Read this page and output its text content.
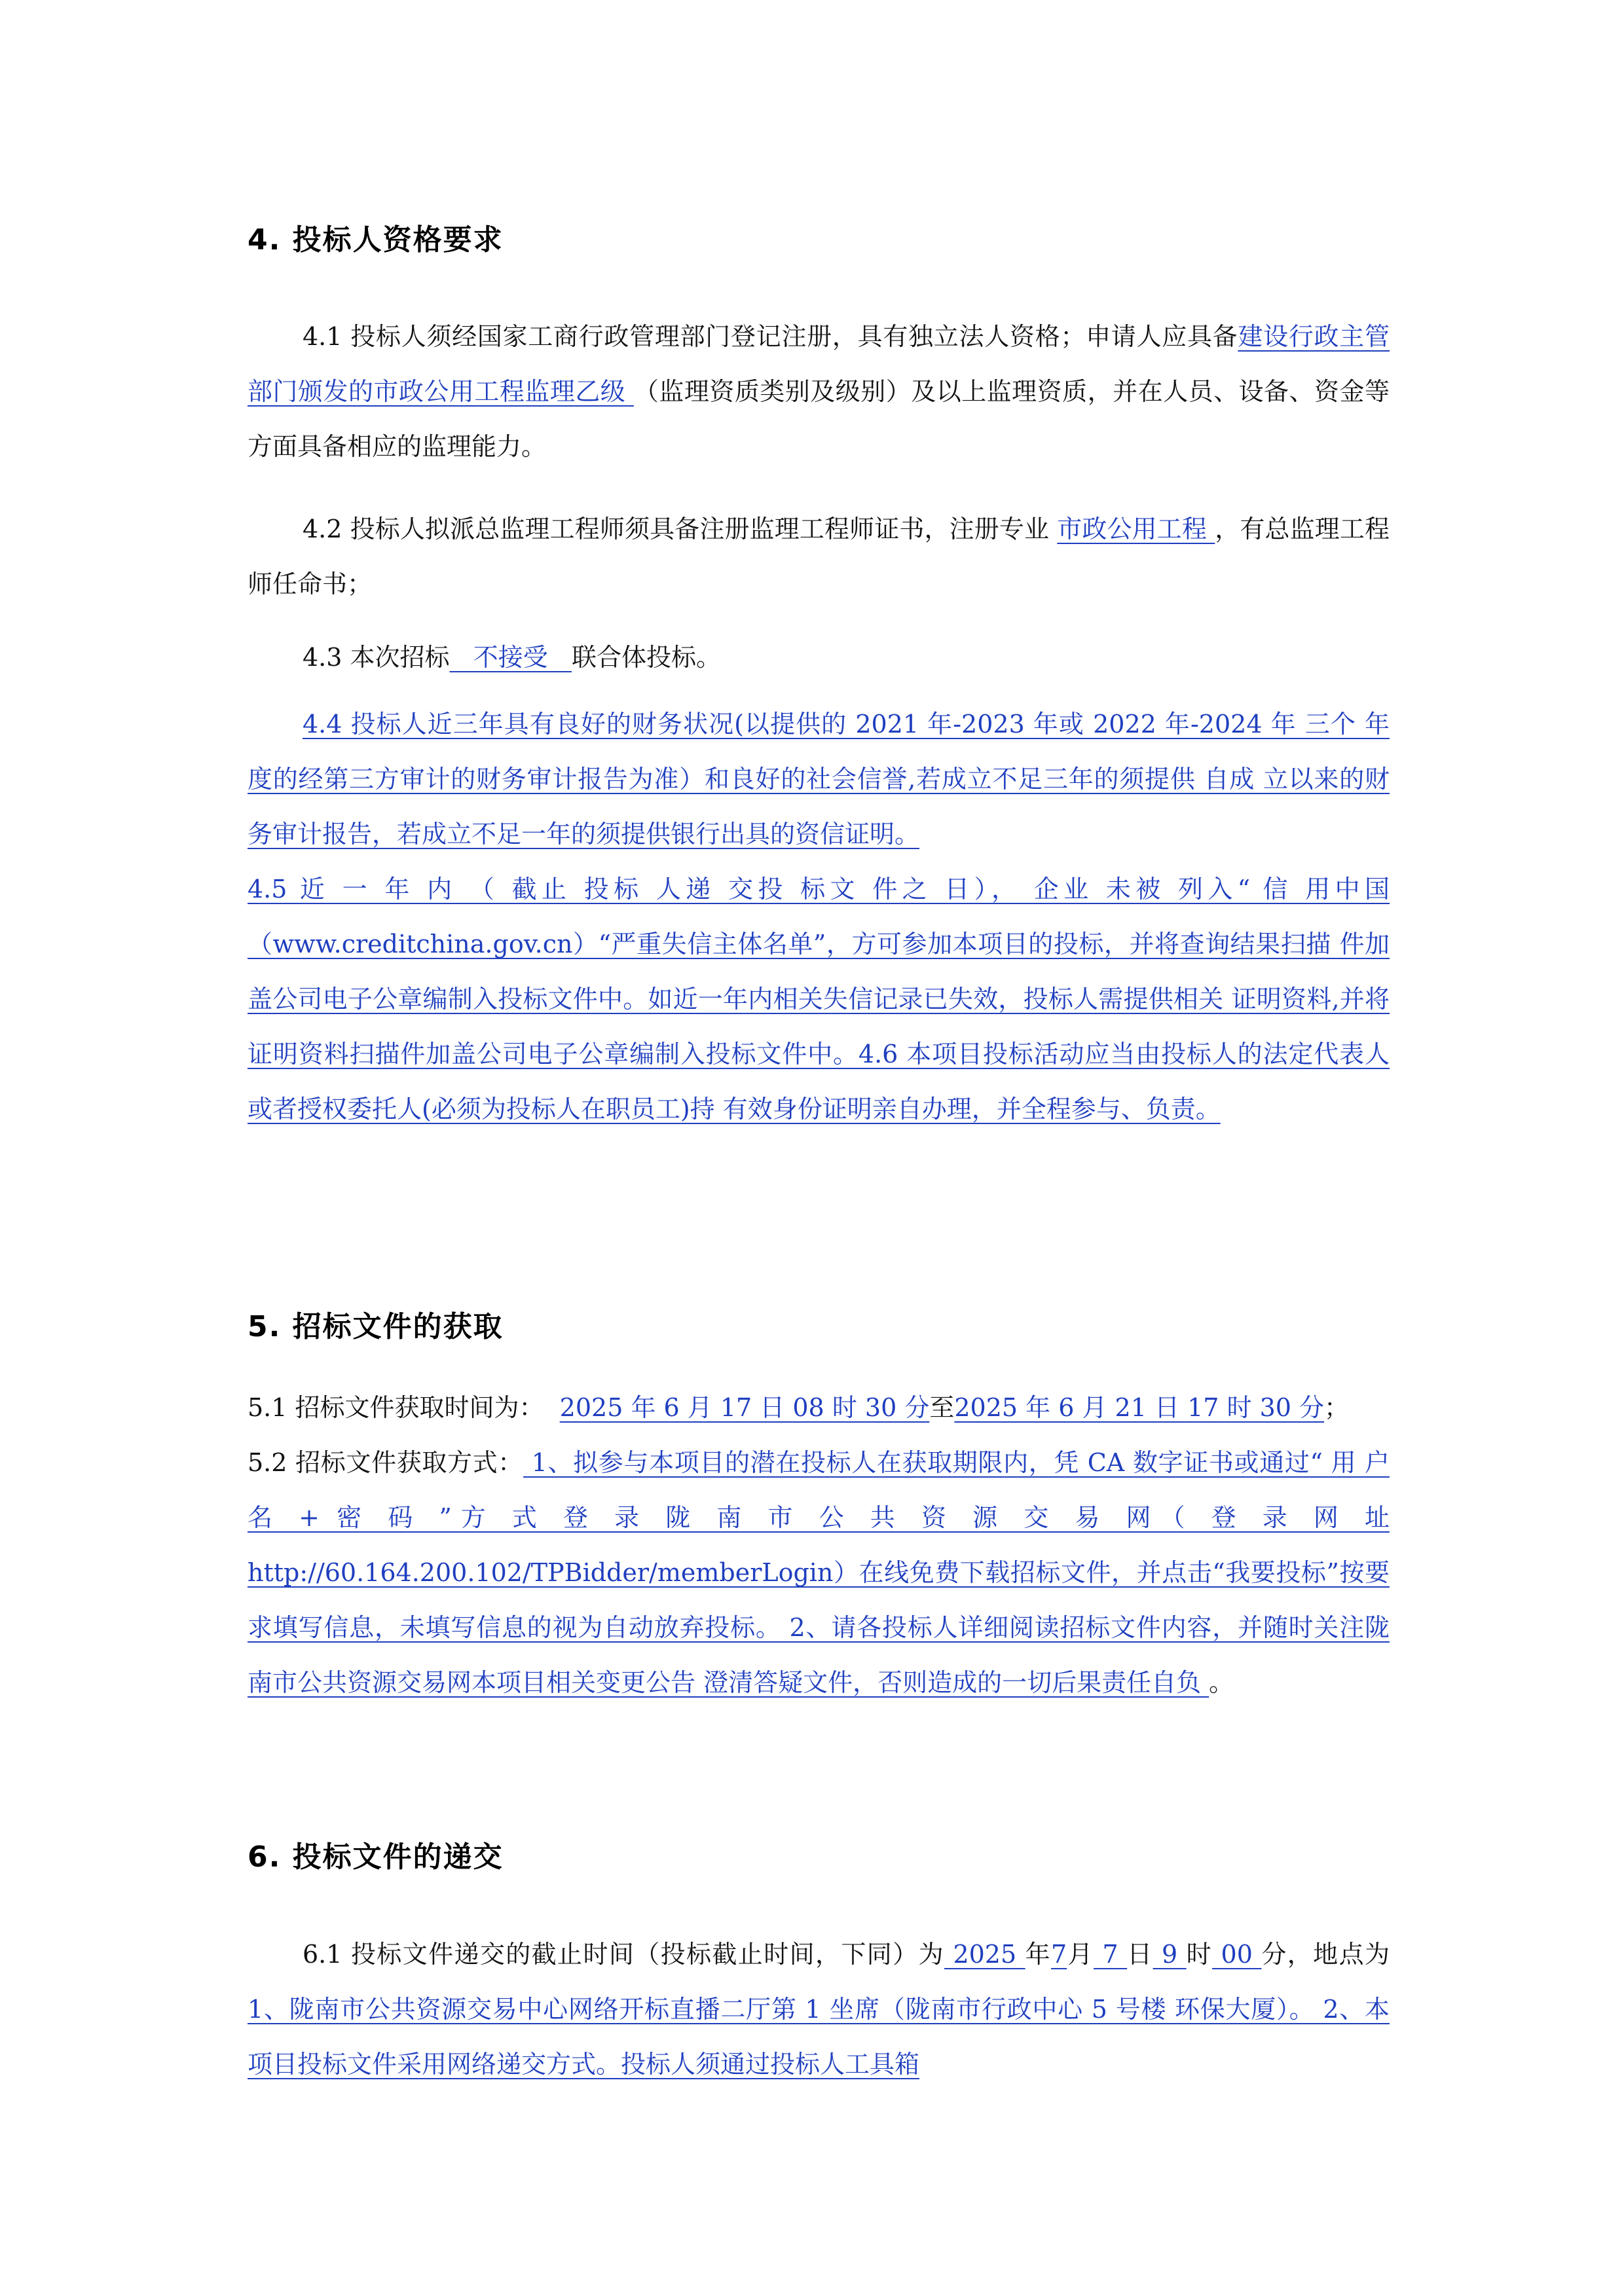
4. 投标人资格要求
4.1 投标人须经国家工商行政管理部门登记注册，具有独立法人资格；申请人应具备建设行政主管部门颁发的市政公用工程监理乙级 （监理资质类别及级别）及以上监理资质，并在人员、设备、资金等方面具备相应的监理能力。
4.2 投标人拟派总监理工程师须具备注册监理工程师证书，注册专业 市政公用工程 ，有总监理工程师任命书；
4.3 本次招标   不接受   联合体投标。
4.4 投标人近三年具有良好的财务状况(以提供的 2021 年-2023 年或 2022 年-2024 年 三个 年度的经第三方审计的财务审计报告为准）和良好的社会信誉,若成立不足三年的须提供 自成 立以来的财务审计报告，若成立不足一年的须提供银行出具的资信证明。
4.5 近 一 年 内 （ 截止 投标 人递 交投 标文 件之 日）， 企业 未被 列入“ 信 用中国 （www.creditchina.gov.cn）“严重失信主体名单”，方可参加本项目的投标，并将查询结果扫描 件加盖公司电子公章编制入投标文件中。如近一年内相关失信记录已失效，投标人需提供相关 证明资料,并将证明资料扫描件加盖公司电子公章编制入投标文件中。4.6 本项目投标活动应当由投标人的法定代表人或者授权委托人(必须为投标人在职员工)持 有效身份证明亲自办理，并全程参与、负责。
5. 招标文件的获取
5.1 招标文件获取时间为：  2025 年 6 月 17 日 08 时 30 分至2025 年 6 月 21 日 17 时 30 分；
5.2 招标文件获取方式： 1、拟参与本项目的潜在投标人在获取期限内，凭 CA 数字证书或通过“ 用 户 名 + 密 码 ”方 式 登 录 陇 南 市 公 共 资 源 交 易 网（ 登 录 网 址 http://60.164.200.102/TPBidder/memberLogin）在线免费下载招标文件，并点击“我要投标”按要 求填写信息，未填写信息的视为自动放弃投标。 2、请各投标人详细阅读招标文件内容，并随时关注陇南市公共资源交易网本项目相关变更公告 澄清答疑文件，否则造成的一切后果责任自负 。
6. 投标文件的递交
6.1 投标文件递交的截止时间（投标截止时间，下同）为 2025 年7月 7 日 9 时 00 分，地点为 1、陇南市公共资源交易中心网络开标直播二厅第 1 坐席（陇南市行政中心 5 号楼 环保大厦）。 2、本项目投标文件采用网络递交方式。投标人须通过投标人工具箱
